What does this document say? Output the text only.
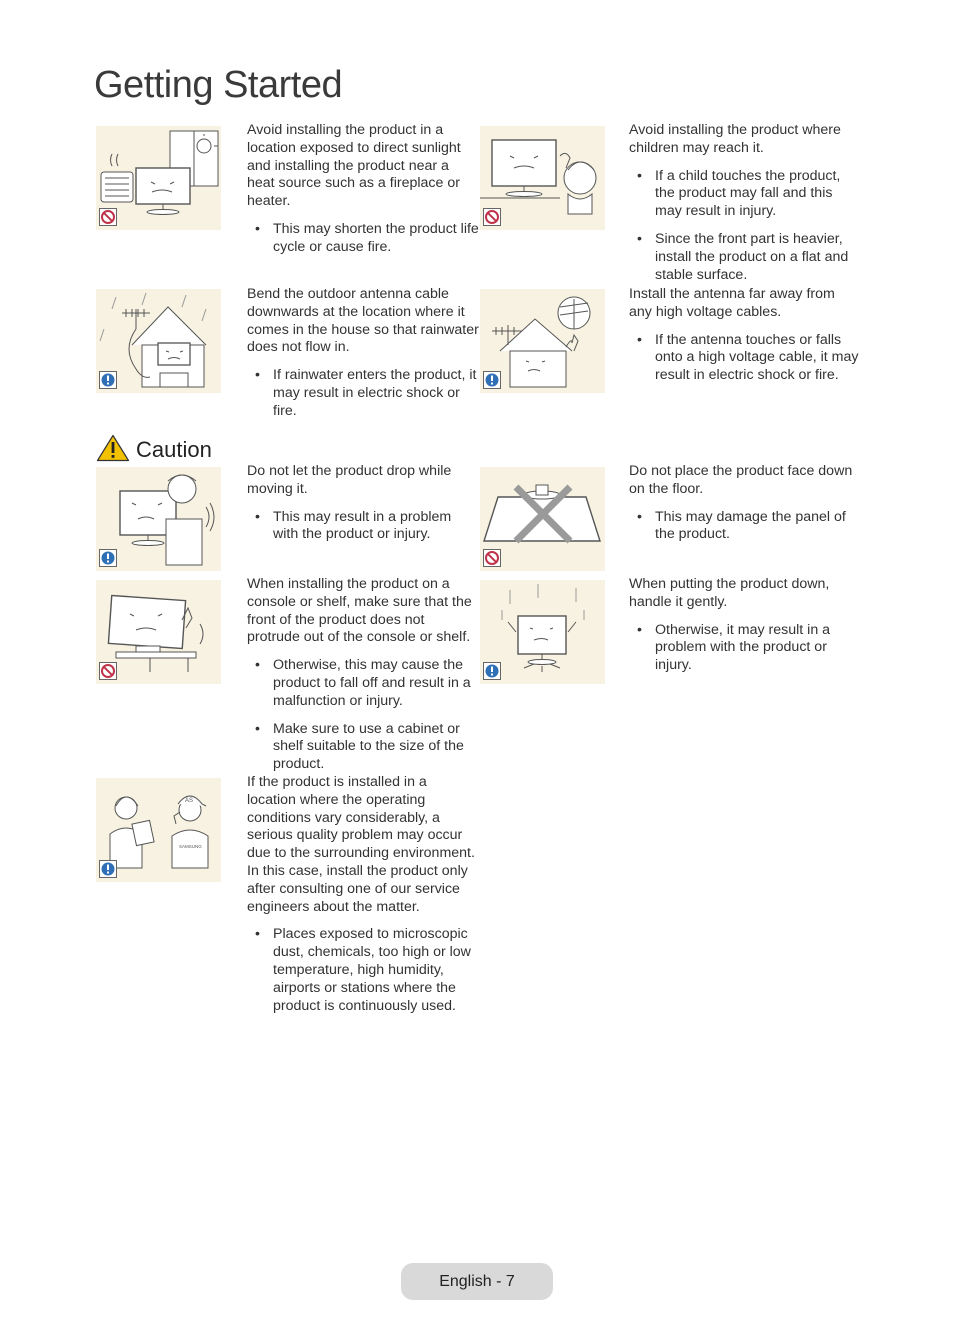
Getting Started

Avoid installing the product in a location exposed to direct sunlight and installing the product near a heat source such as a fireplace or heater.

• This may shorten the product life cycle or cause fire.

Avoid installing the product where children may reach it.

• If a child touches the product, the product may fall and this may result in injury.
• Since the front part is heavier, install the product on a flat and stable surface.

Bend the outdoor antenna cable downwards at the location where it comes in the house so that rainwater does not flow in.

• If rainwater enters the product, it may result in electric shock or fire.

Install the antenna far away from any high voltage cables.

• If the antenna touches or falls onto a high voltage cable, it may result in electric shock or fire.
Caution

Do not let the product drop while moving it.

• This may result in a problem with the product or injury.

Do not place the product face down on the floor.

• This may damage the panel of the product.

When installing the product on a console or shelf, make sure that the front of the product does not protrude out of the console or shelf.

• Otherwise, this may cause the product to fall off and result in a malfunction or injury.
• Make sure to use a cabinet or shelf suitable to the size of the product.

When putting the product down, handle it gently.

• Otherwise, it may result in a problem with the product or injury.
AS
SAMSUNG

If the product is installed in a location where the operating conditions vary considerably, a serious quality problem may occur due to the surrounding environment. In this case, install the product only after consulting one of our service engineers about the matter.

• Places exposed to microscopic dust, chemicals, too high or low temperature, high humidity, airports or stations where the product is continuously used.
English - 7
